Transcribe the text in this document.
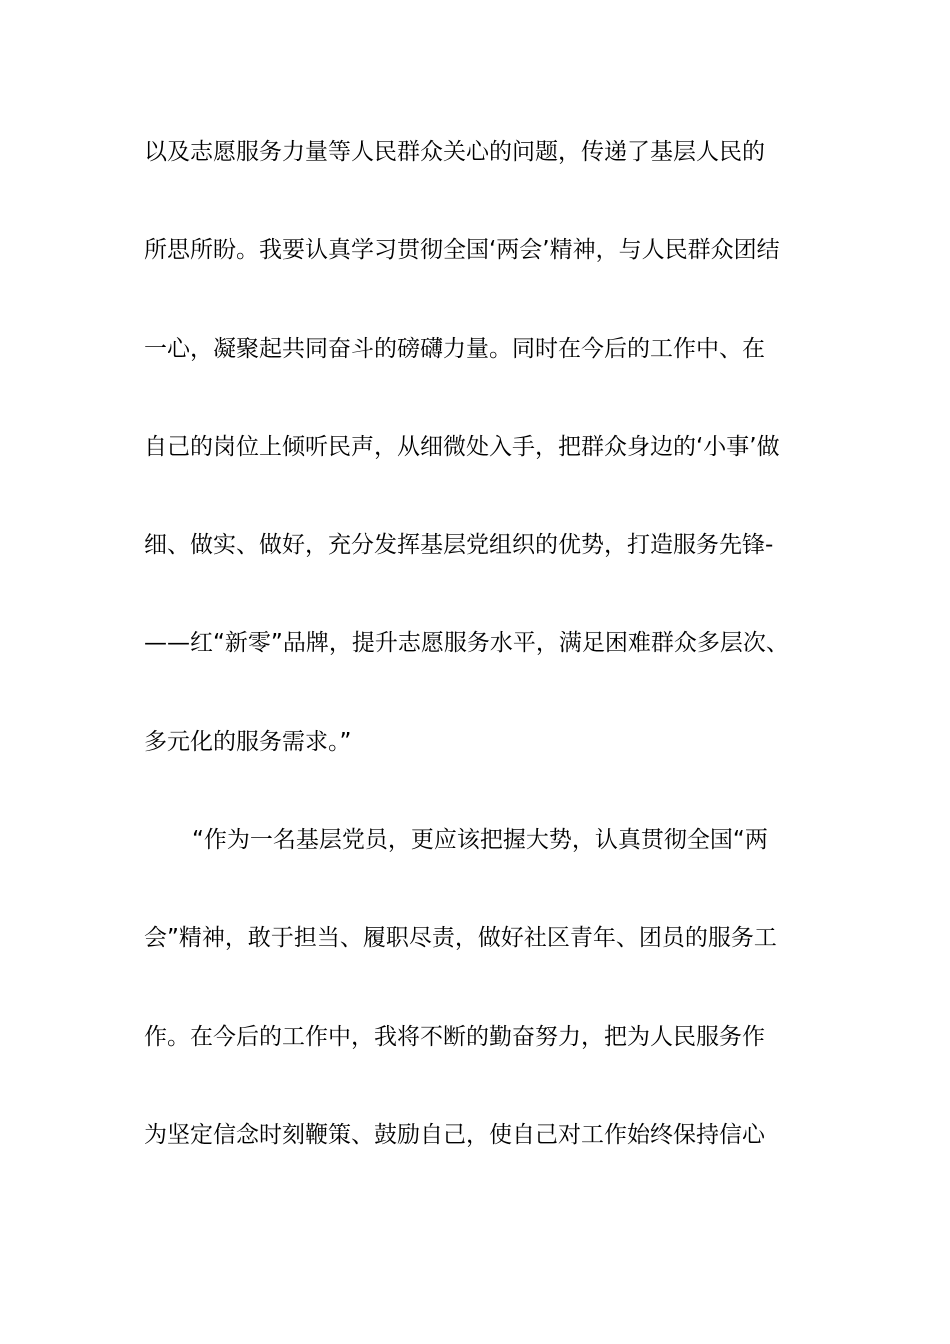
以及志愿服务力量等人民群众关心的问题，传递了基层人民的
所思所盼。我要认真学习贯彻全国‘两会’精神，与人民群众团结
一心，凝聚起共同奋斗的磅礴力量。同时在今后的工作中、在
自己的岗位上倾听民声，从细微处入手，把群众身边的‘小事’做
细、做实、做好，充分发挥基层党组织的优势，打造服务先锋-
——红“新零”品牌，提升志愿服务水平，满足困难群众多层次、
多元化的服务需求。”
“作为一名基层党员，更应该把握大势，认真贯彻全国“两
会”精神，敢于担当、履职尽责，做好社区青年、团员的服务工
作。在今后的工作中，我将不断的勤奋努力，把为人民服务作
为坚定信念时刻鞭策、鼓励自己，使自己对工作始终保持信心
